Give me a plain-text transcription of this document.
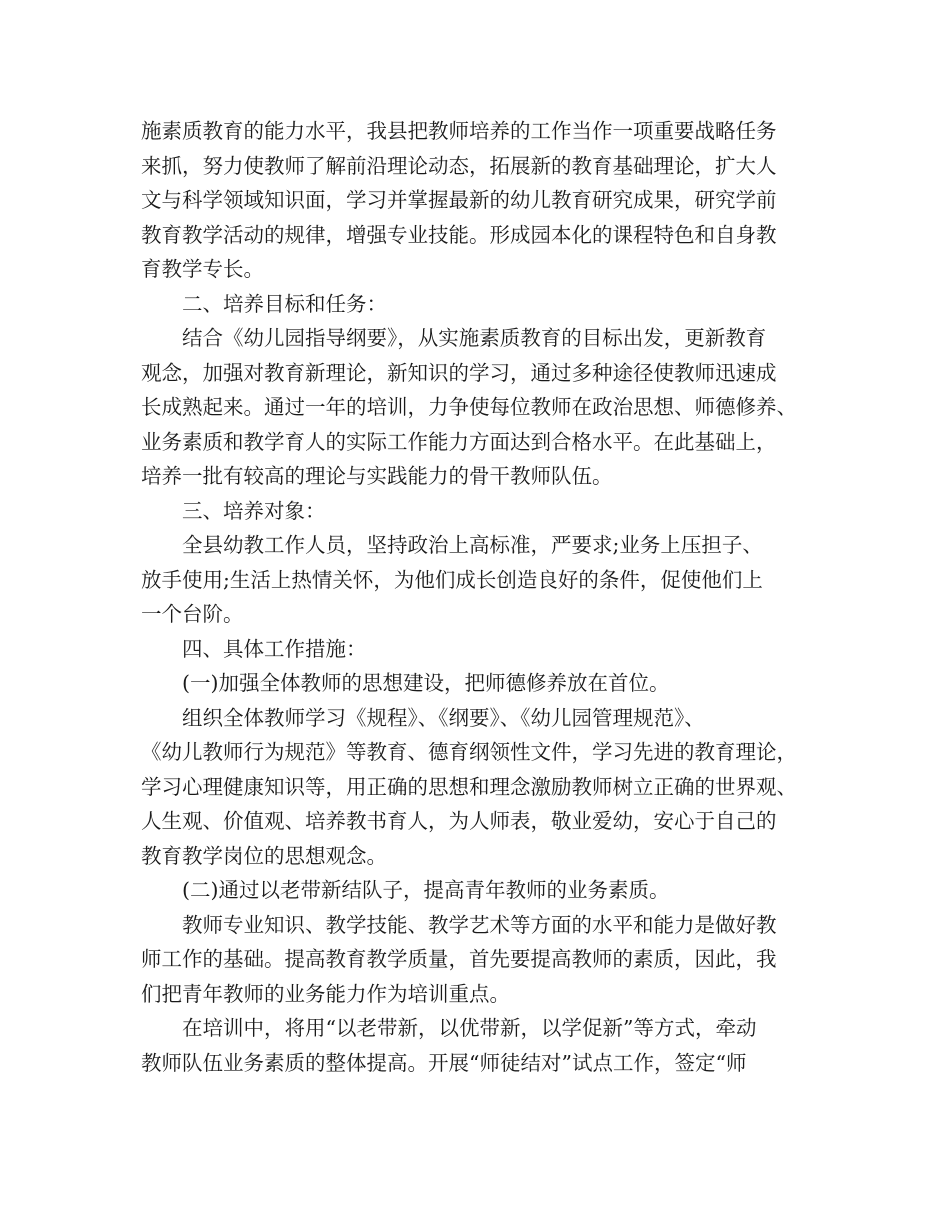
施素质教育的能力水平，我县把教师培养的工作当作一项重要战略任务
来抓，努力使教师了解前沿理论动态，拓展新的教育基础理论，扩大人
文与科学领域知识面，学习并掌握最新的幼儿教育研究成果，研究学前
教育教学活动的规律，增强专业技能。形成园本化的课程特色和自身教
育教学专长。
二、培养目标和任务：
结合《幼儿园指导纲要》，从实施素质教育的目标出发，更新教育
观念，加强对教育新理论，新知识的学习，通过多种途径使教师迅速成
长成熟起来。通过一年的培训，力争使每位教师在政治思想、师德修养、
业务素质和教学育人的实际工作能力方面达到合格水平。在此基础上，
培养一批有较高的理论与实践能力的骨干教师队伍。
三、培养对象：
全县幼教工作人员，坚持政治上高标准，严要求;业务上压担子、
放手使用;生活上热情关怀，为他们成长创造良好的条件，促使他们上
一个台阶。
四、具体工作措施：
(一)加强全体教师的思想建设，把师德修养放在首位。
组织全体教师学习《规程》、《纲要》、《幼儿园管理规范》、
《幼儿教师行为规范》等教育、德育纲领性文件，学习先进的教育理论，
学习心理健康知识等，用正确的思想和理念激励教师树立正确的世界观、
人生观、价值观、培养教书育人，为人师表，敬业爱幼，安心于自己的
教育教学岗位的思想观念。
(二)通过以老带新结队子，提高青年教师的业务素质。
教师专业知识、教学技能、教学艺术等方面的水平和能力是做好教
师工作的基础。提高教育教学质量，首先要提高教师的素质，因此，我
们把青年教师的业务能力作为培训重点。
在培训中，将用“以老带新，以优带新，以学促新”等方式，牵动
教师队伍业务素质的整体提高。开展“师徒结对”试点工作，签定“师
